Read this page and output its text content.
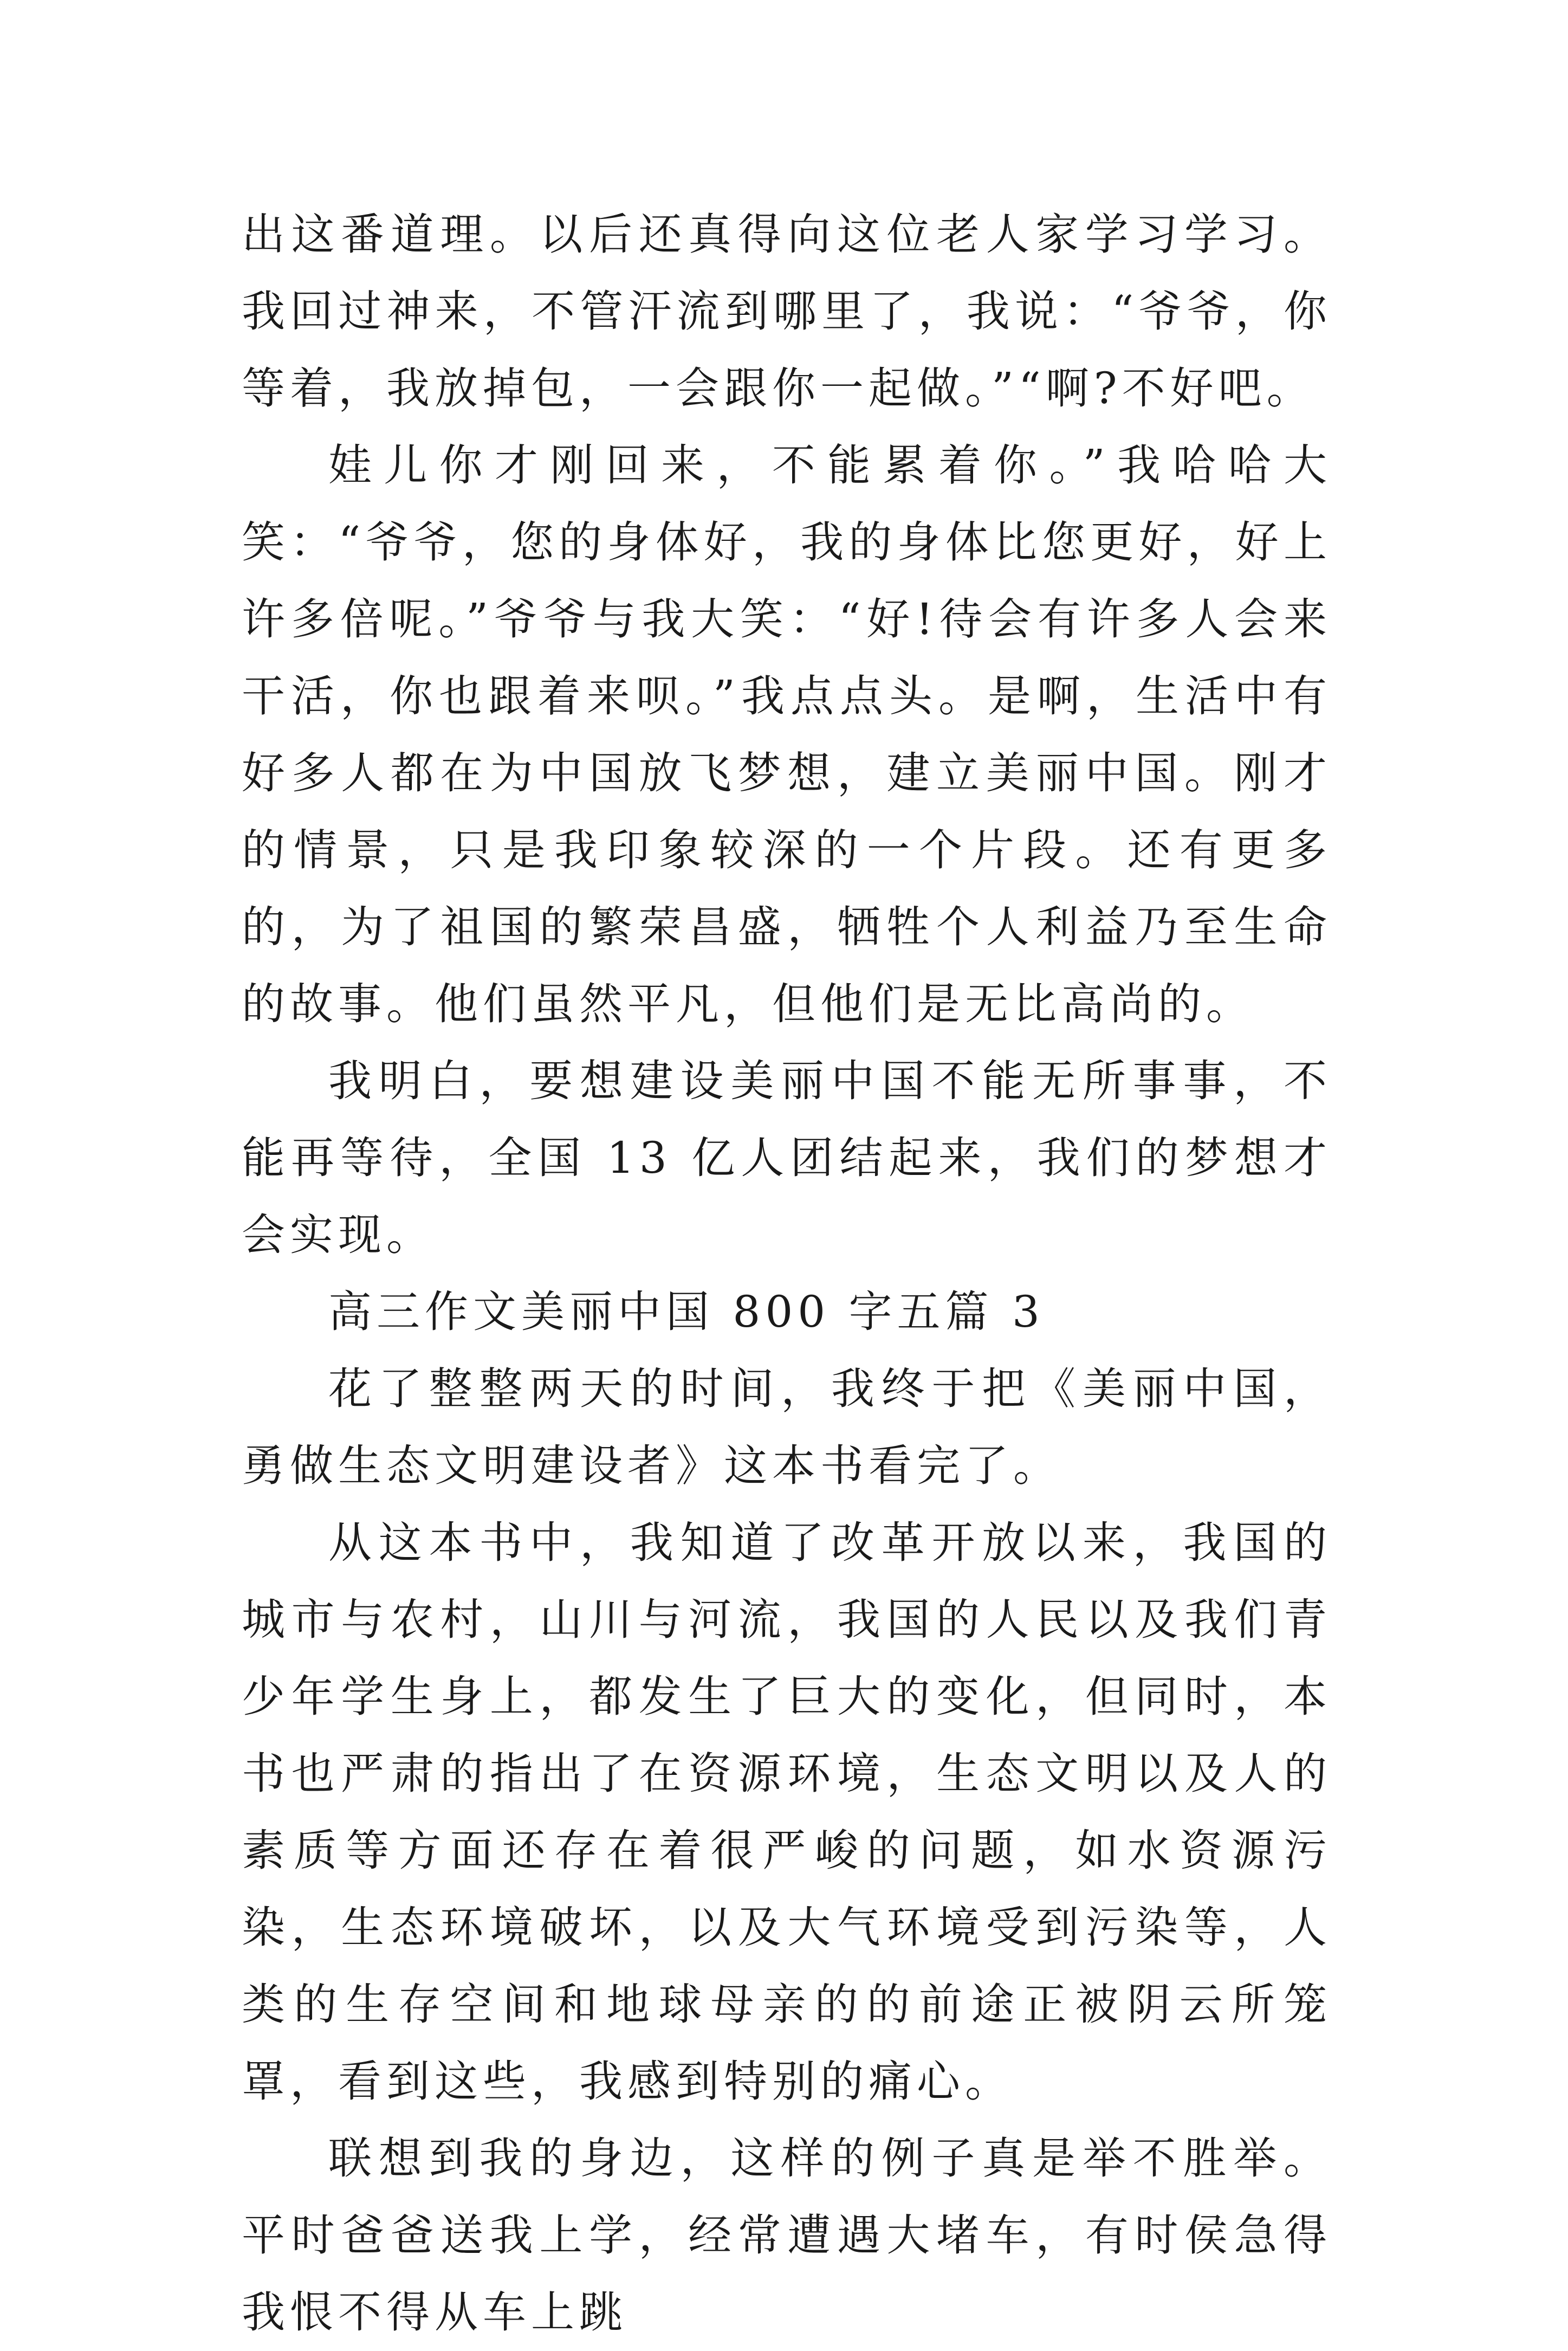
出这番道理。以后还真得向这位老人家学习学习。我回过神来，不管汗流到哪里了，我说：“爷爷，你等着，我放掉包，一会跟你一起做。”“啊?不好吧。

娃儿你才刚回来，不能累着你。”我哈哈大笑：“爷爷，您的身体好，我的身体比您更好，好上许多倍呢。”爷爷与我大笑：“好!待会有许多人会来干活，你也跟着来呗。”我点点头。是啊，生活中有好多人都在为中国放飞梦想，建立美丽中国。刚才的情景，只是我印象较深的一个片段。还有更多的，为了祖国的繁荣昌盛，牺牲个人利益乃至生命的故事。他们虽然平凡，但他们是无比高尚的。

我明白，要想建设美丽中国不能无所事事，不能再等待，全国 13 亿人团结起来，我们的梦想才会实现。

高三作文美丽中国 800 字五篇 3

花了整整两天的时间，我终于把《美丽中国，勇做生态文明建设者》这本书看完了。

从这本书中，我知道了改革开放以来，我国的城市与农村，山川与河流，我国的人民以及我们青少年学生身上，都发生了巨大的变化，但同时，本书也严肃的指出了在资源环境，生态文明以及人的素质等方面还存在着很严峻的问题，如水资源污染，生态环境破坏，以及大气环境受到污染等，人类的生存空间和地球母亲的的前途正被阴云所笼罩，看到这些，我感到特别的痛心。

联想到我的身边，这样的例子真是举不胜举。平时爸爸送我上学，经常遭遇大堵车，有时侯急得我恨不得从车上跳
